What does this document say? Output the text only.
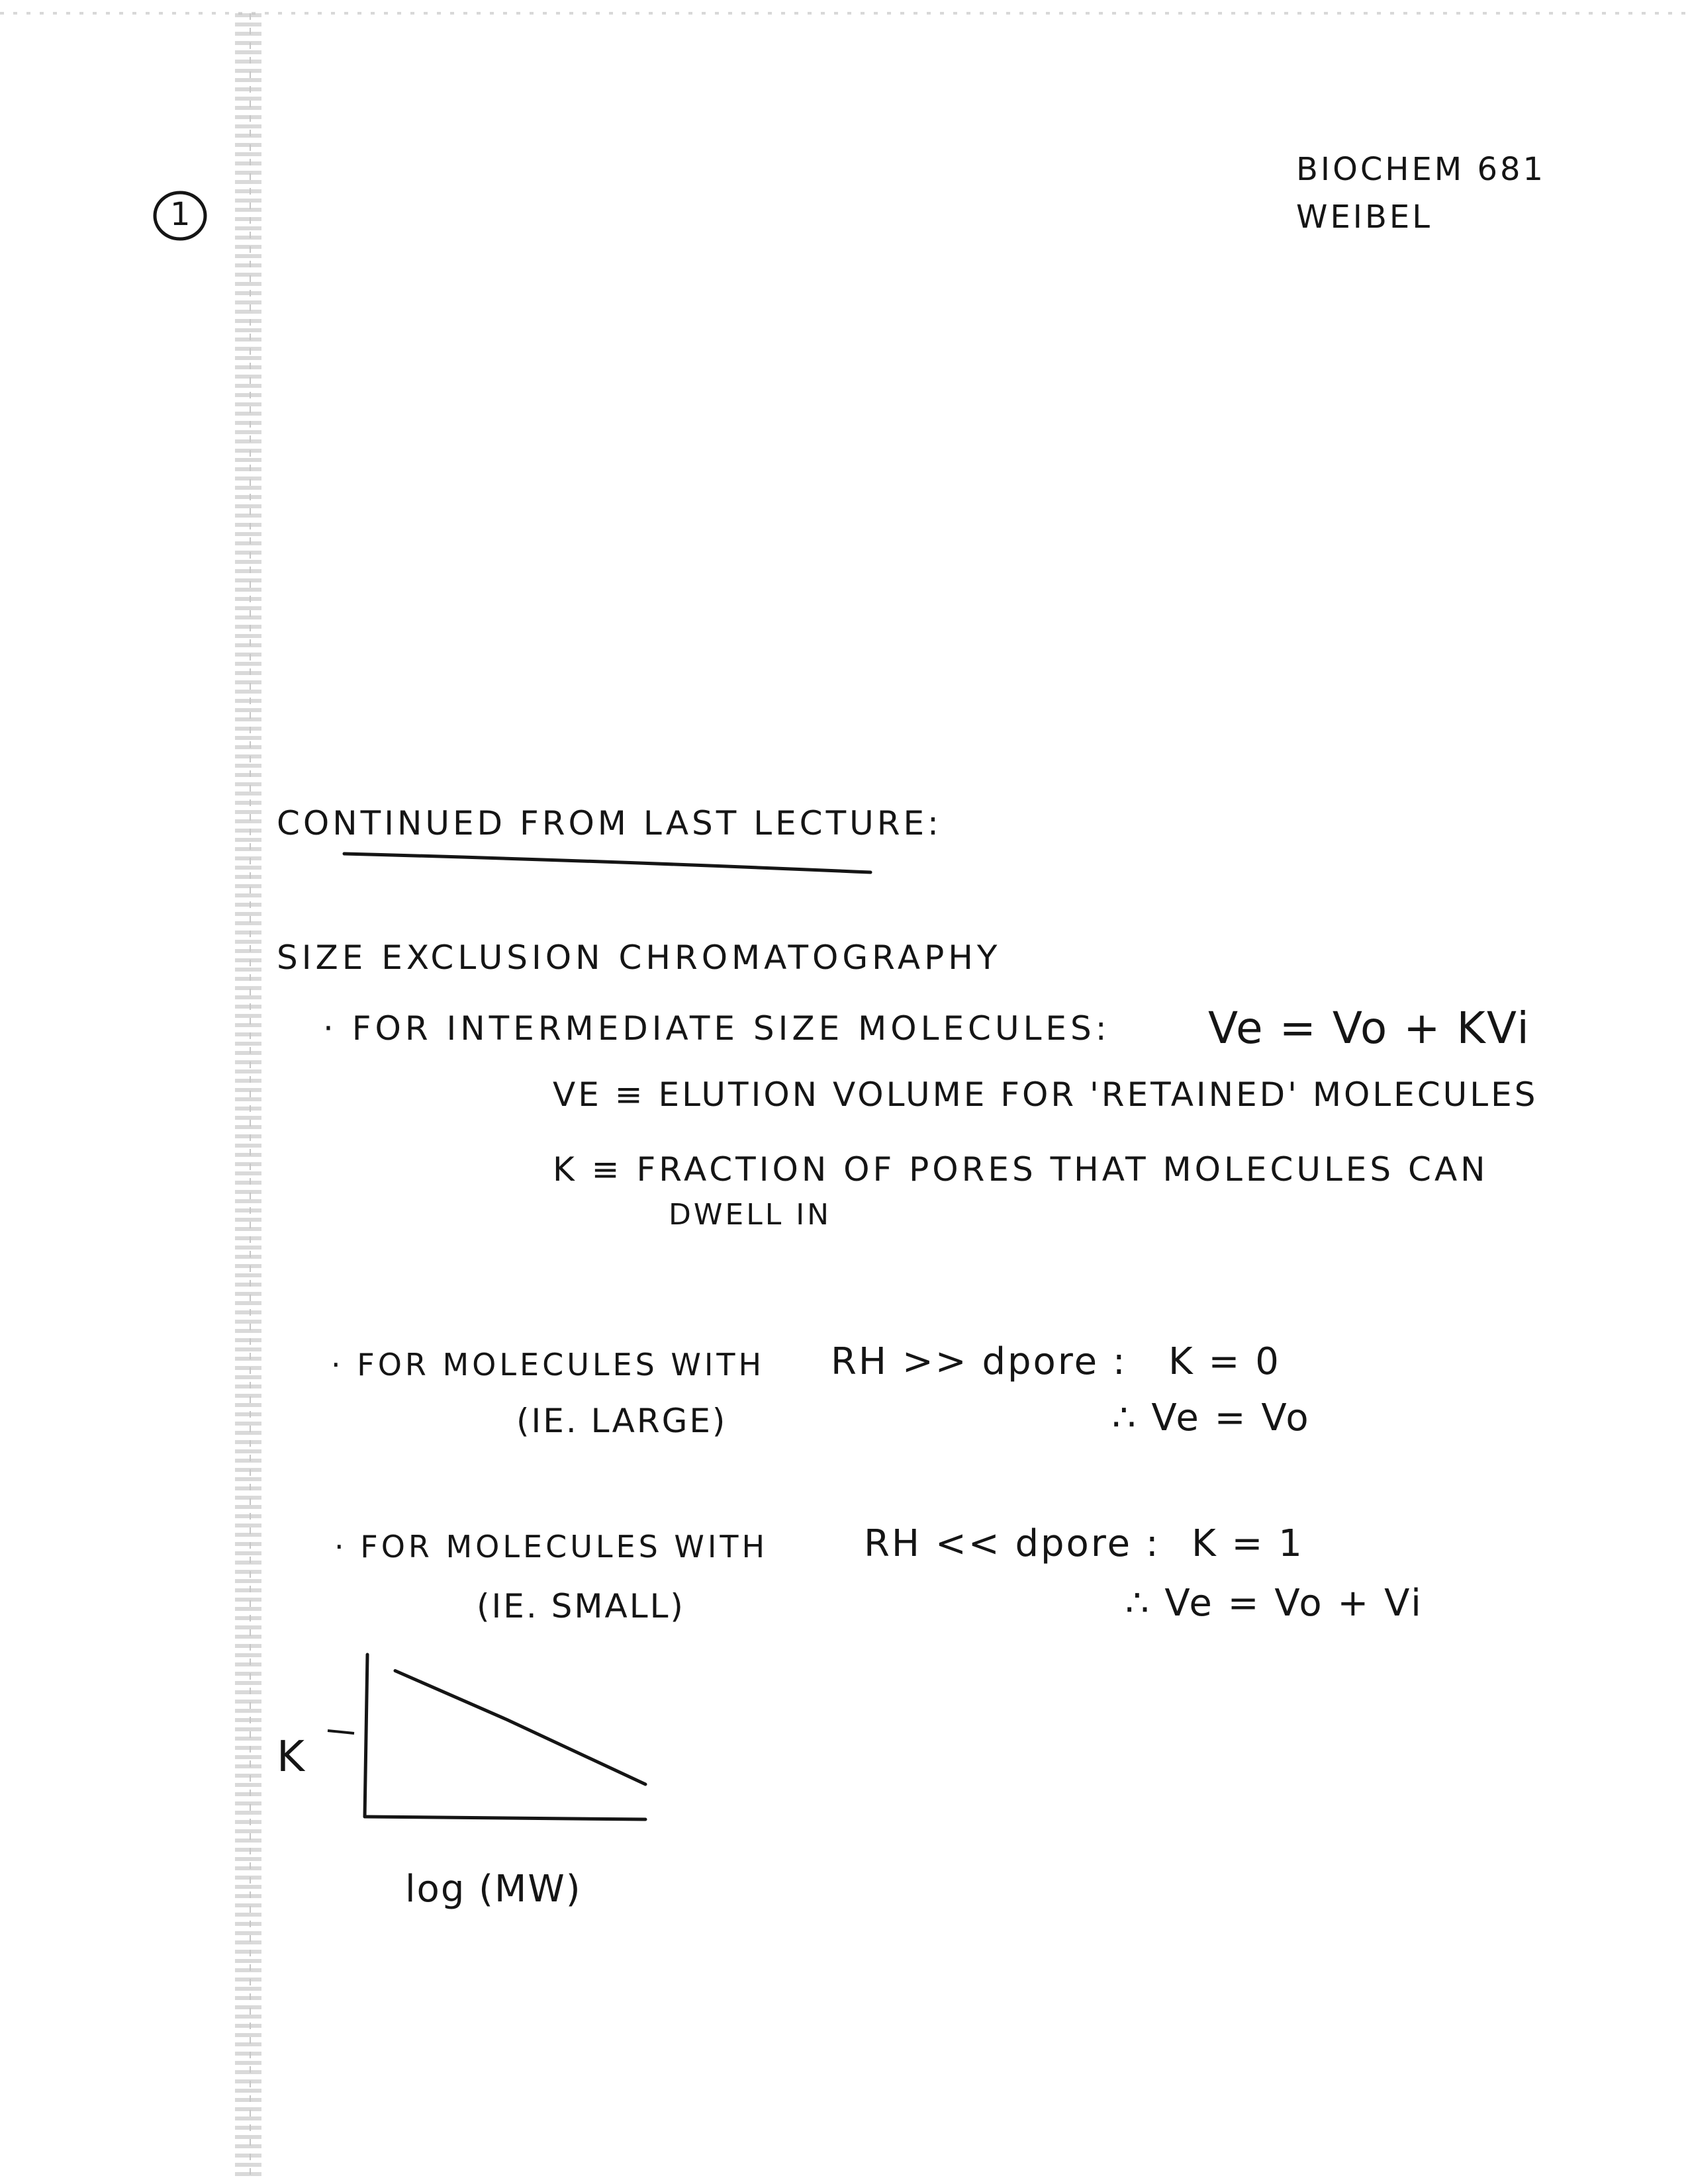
1
BIOCHEM 681
WEIBEL
CONTINUED FROM LAST LECTURE:
SIZE EXCLUSION CHROMATOGRAPHY
· FOR INTERMEDIATE SIZE MOLECULES: Ve = Vo + KVi
VE ≡ ELUTION VOLUME FOR 'RETAINED' MOLECULES
K ≡ FRACTION OF PORES THAT MOLECULES CAN
DWELL IN
· FOR MOLECULES WITH RH >> dpore : K = 0
(IE. LARGE)	∴ Ve = Vo
· FOR MOLECULES WITH	RH << dpore : K = 1
(IE. SMALL)	∴ Ve = Vo + Vi
K
log (MW)
